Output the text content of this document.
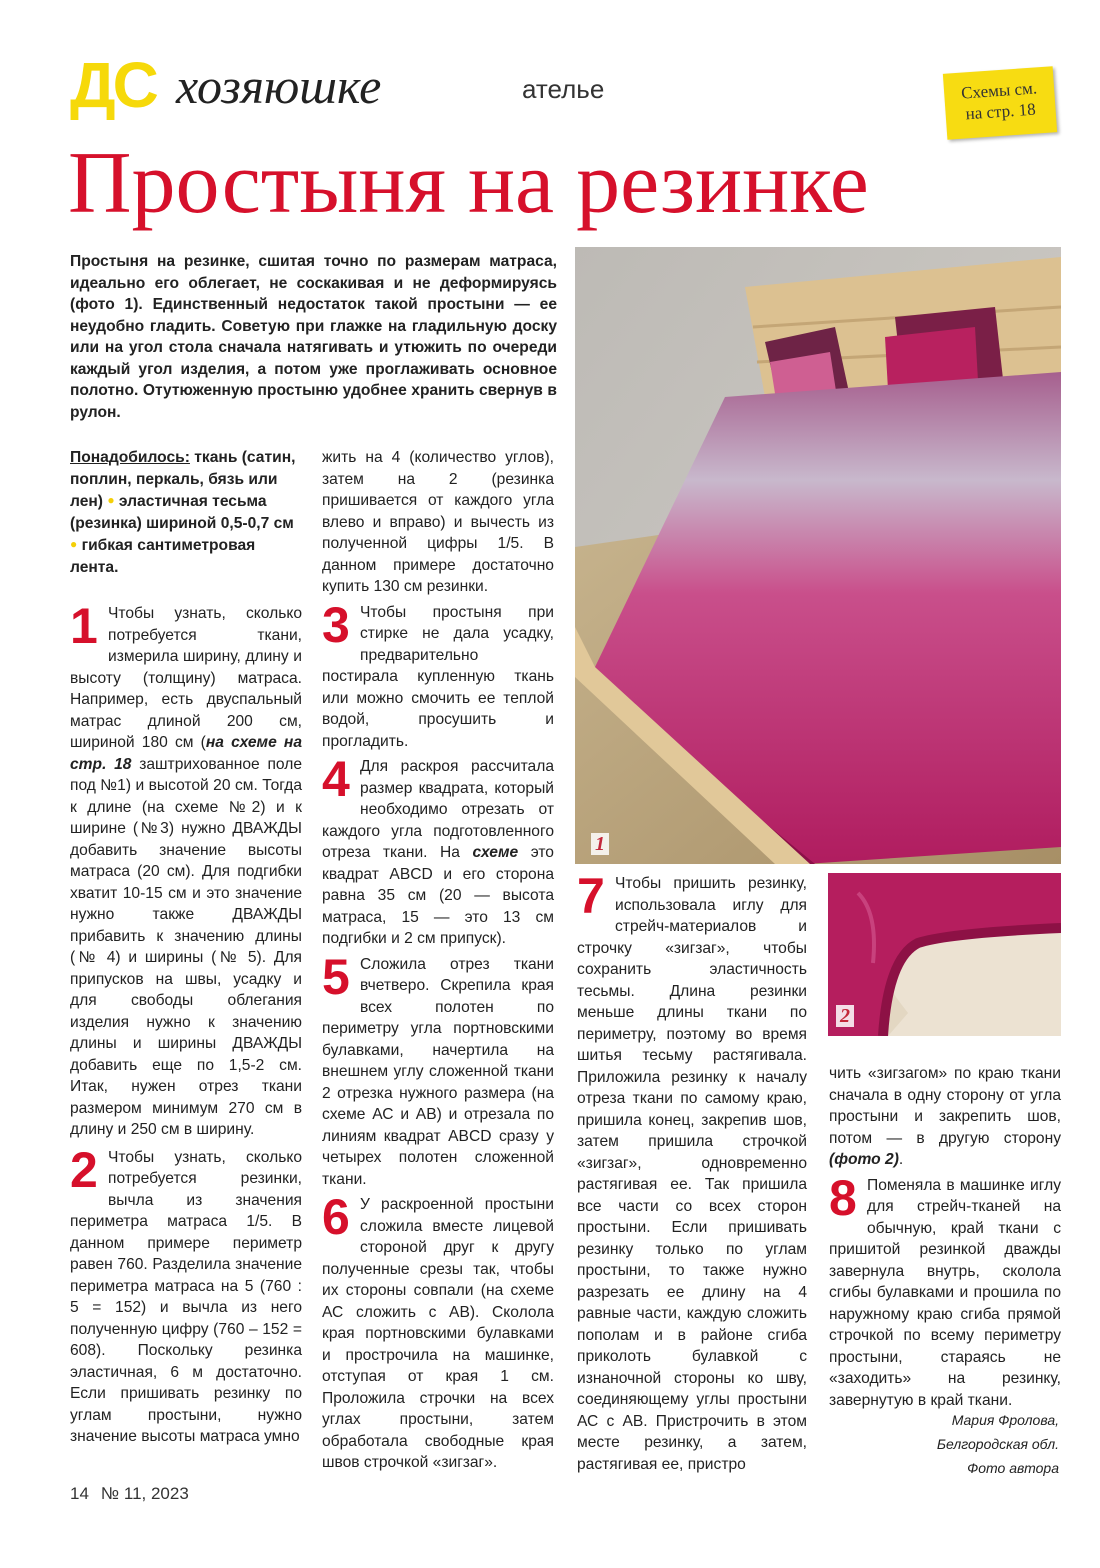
ДС хозяюшке	ателье	Схемы см.
на стр. 18
Простыня на резинке
Простыня на резинке, сшитая точно по размерам матраса, идеально его облегает, не соскакивая и не деформируясь (фото 1). Единственный недостаток такой простыни — ее неудобно гладить. Советую при глажке на гладильную доску или на угол стола сначала натягивать и утюжить по очереди каждый угол изделия, а потом уже проглаживать основное полотно. Отутюженную простыню удобнее хранить свернув в рулон.

Понадобилось: ткань (сатин, поплин, перкаль, бязь или лен) ● эластичная тесьма (резинка) шириной 0,5-0,7 см ● гибкая сантиметровая лента.

1 Чтобы узнать, сколько потребуется ткани, измерила ширину, длину и высоту (толщину) матраса. Например, есть двуспальный матрас длиной 200 см, шириной 180 см (на схеме на стр. 18 заштрихованное поле под №1) и высотой 20 см. Тогда к длине (на схеме №2) и к ширине (№3) нужно ДВАЖДЫ добавить значение высоты матраса (20 см). Для подгибки хватит 10-15 см и это значение нужно также ДВАЖДЫ прибавить к значению длины (№ 4) и ширины (№ 5). Для припусков на швы, усадку и для свободы облегания изделия нужно к значению длины и ширины ДВАЖДЫ добавить еще по 1,5-2 см. Итак, нужен отрез ткани размером минимум 270 см в длину и 250 см в ширину.
2 Чтобы узнать, сколько потребуется резинки, вычла из значения периметра матраса 1/5. В данном примере периметр равен 760. Разделила значение периметра матраса на 5 (760 : 5 = 152) и вычла из него полученную цифру (760 – 152 = 608). Поскольку резинка эластичная, 6 м достаточно. Если пришивать резинку по углам простыни, нужно значение высоты матраса умно

жить на 4 (количество углов), затем на 2 (резинка пришивается от каждого угла влево и вправо) и вычесть из полученной цифры 1/5. В данном примере достаточно купить 130 см резинки.

3 Чтобы простыня при стирке не дала усадку, предварительно постирала купленную ткань или можно смочить ее теплой водой, просушить и прогладить.
4 Для раскроя рассчитала размер квадрата, который необходимо отрезать от каждого угла подготовленного отреза ткани. На схеме это квадрат ABCD и его сторона равна 35 см (20 — высота матраса, 15 — это 13 см подгибки и 2 см припуск).
5 Сложила отрез ткани вчетверо. Скрепила края всех полотен по периметру угла портновскими булавками, начертила на внешнем углу сложенной ткани 2 отрезка нужного размера (на схеме АС и АВ) и отрезала по линиям квадрат ABCD сразу у четырех полотен сложенной ткани.
6 У раскроенной простыни сложила вместе лицевой стороной друг к другу полученные срезы так, чтобы их стороны совпали (на схеме АС сложить с АВ). Сколола края портновскими булавками и прострочила на машинке, отступая от края 1 см. Проложила строчки на всех углах простыни, затем обработала свободные края швов строчкой «зигзаг».
1
7 Чтобы пришить резинку, использовала иглу для стрейч-материалов и строчку «зигзаг», чтобы сохранить эластичность тесьмы. Длина резинки меньше длины ткани по периметру, поэтому во время шитья тесьму растягивала. Приложила резинку к началу отреза ткани по самому краю, пришила конец, закрепив шов, затем пришила строчкой «зигзаг», одновременно растягивая ее. Так пришила все части со всех сторон простыни. Если пришивать резинку только по углам простыни, то также нужно разрезать ее длину на 4 равные части, каждую сложить пополам и в районе сгиба приколоть булавкой с изнаночной стороны ко шву, соединяющему углы простыни АС с АВ. Пристрочить в этом месте резинку, а затем, растягивая ее, пристро
2

чить «зигзагом» по краю ткани сначала в одну сторону от угла простыни и закрепить шов, потом — в другую сторону (фото 2).

8 Поменяла в машинке иглу для стрейч-тканей на обычную, край ткани с пришитой резинкой дважды завернула внутрь, сколола сгибы булавками и прошила по наружному краю сгиба прямой строчкой по всему периметру простыни, стараясь не «заходить» на резинку, завернутую в край ткани.
Мария Фролова,
Белгородская обл.
Фото автора
14 № 11, 2023
